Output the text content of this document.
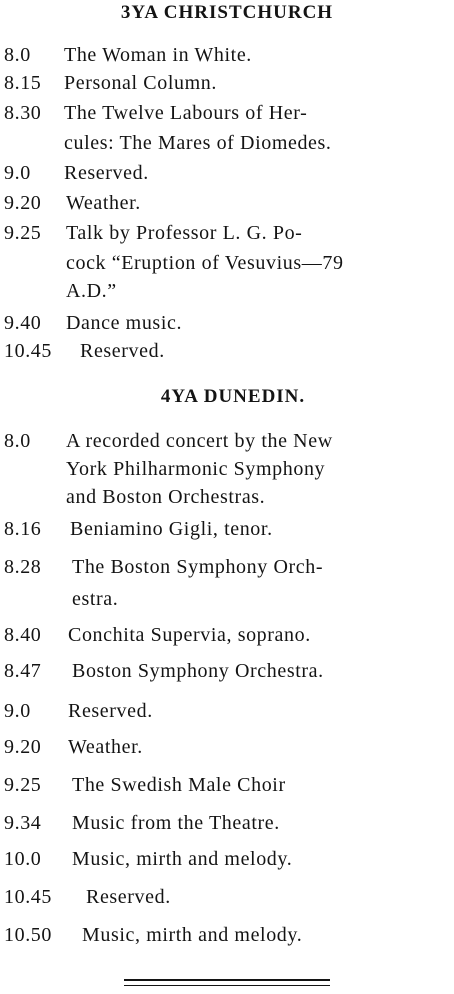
3YA CHRISTCHURCH
8.0 The Woman in White.
8.15 Personal Column.
8.30 The Twelve Labours of Her-
cules: The Mares of Diomedes.
9.0 Reserved.
9.20 Weather.
9.25 Talk by Professor L. G. Po-
cock “Eruption of Vesuvius—79
A.D.”
9.40 Dance music.
10.45 Reserved.
4YA DUNEDIN.
8.0 A recorded concert by the New
York Philharmonic Symphony
and Boston Orchestras.
8.16 Beniamino Gigli, tenor.
8.28 The Boston Symphony Orch-
estra.
8.40 Conchita Supervia, soprano.
8.47 Boston Symphony Orchestra.
9.0 Reserved.
9.20 Weather.
9.25 The Swedish Male Choir
9.34 Music from the Theatre.
10.0 Music, mirth and melody.
10.45 Reserved.
10.50 Music, mirth and melody.
